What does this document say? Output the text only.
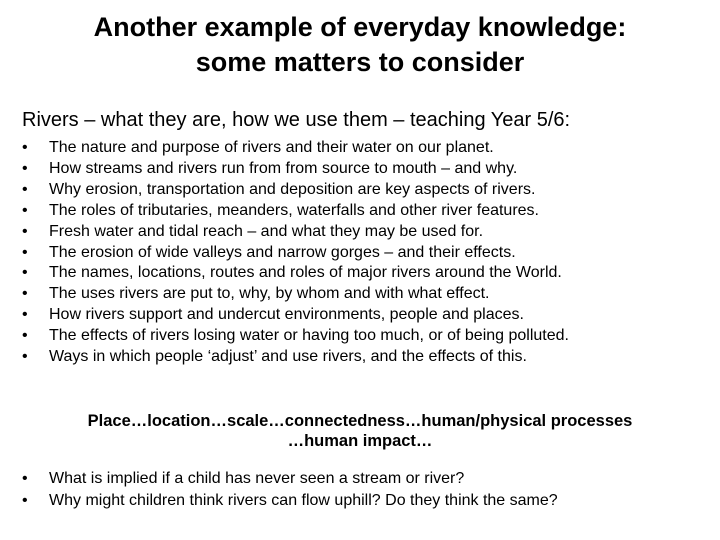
Another example of everyday knowledge:
some matters to consider
Rivers – what they are, how we use them – teaching Year 5/6:
•	The nature and purpose of rivers and their water on our planet.
•	How streams and rivers run from from source to mouth – and why.
•	Why erosion, transportation and deposition are key aspects of rivers.
•	The roles of tributaries, meanders, waterfalls and other river features.
•	Fresh water and tidal reach – and what they may be used for.
•	The erosion of wide valleys and narrow gorges – and their effects.
•	The names, locations, routes and roles of major rivers around the World.
•	The uses rivers are put to, why, by whom and with what effect.
•	How rivers support and undercut environments, people and places.
•	The effects of rivers losing water or having too much, or of being polluted.
•	Ways in which people ‘adjust’ and use rivers, and the effects of this.
Place…location…scale…connectedness…human/physical processes
…human impact…
•	What is implied if a child has never seen a stream or river?
•	Why might children think rivers can flow uphill? Do they think the same?
